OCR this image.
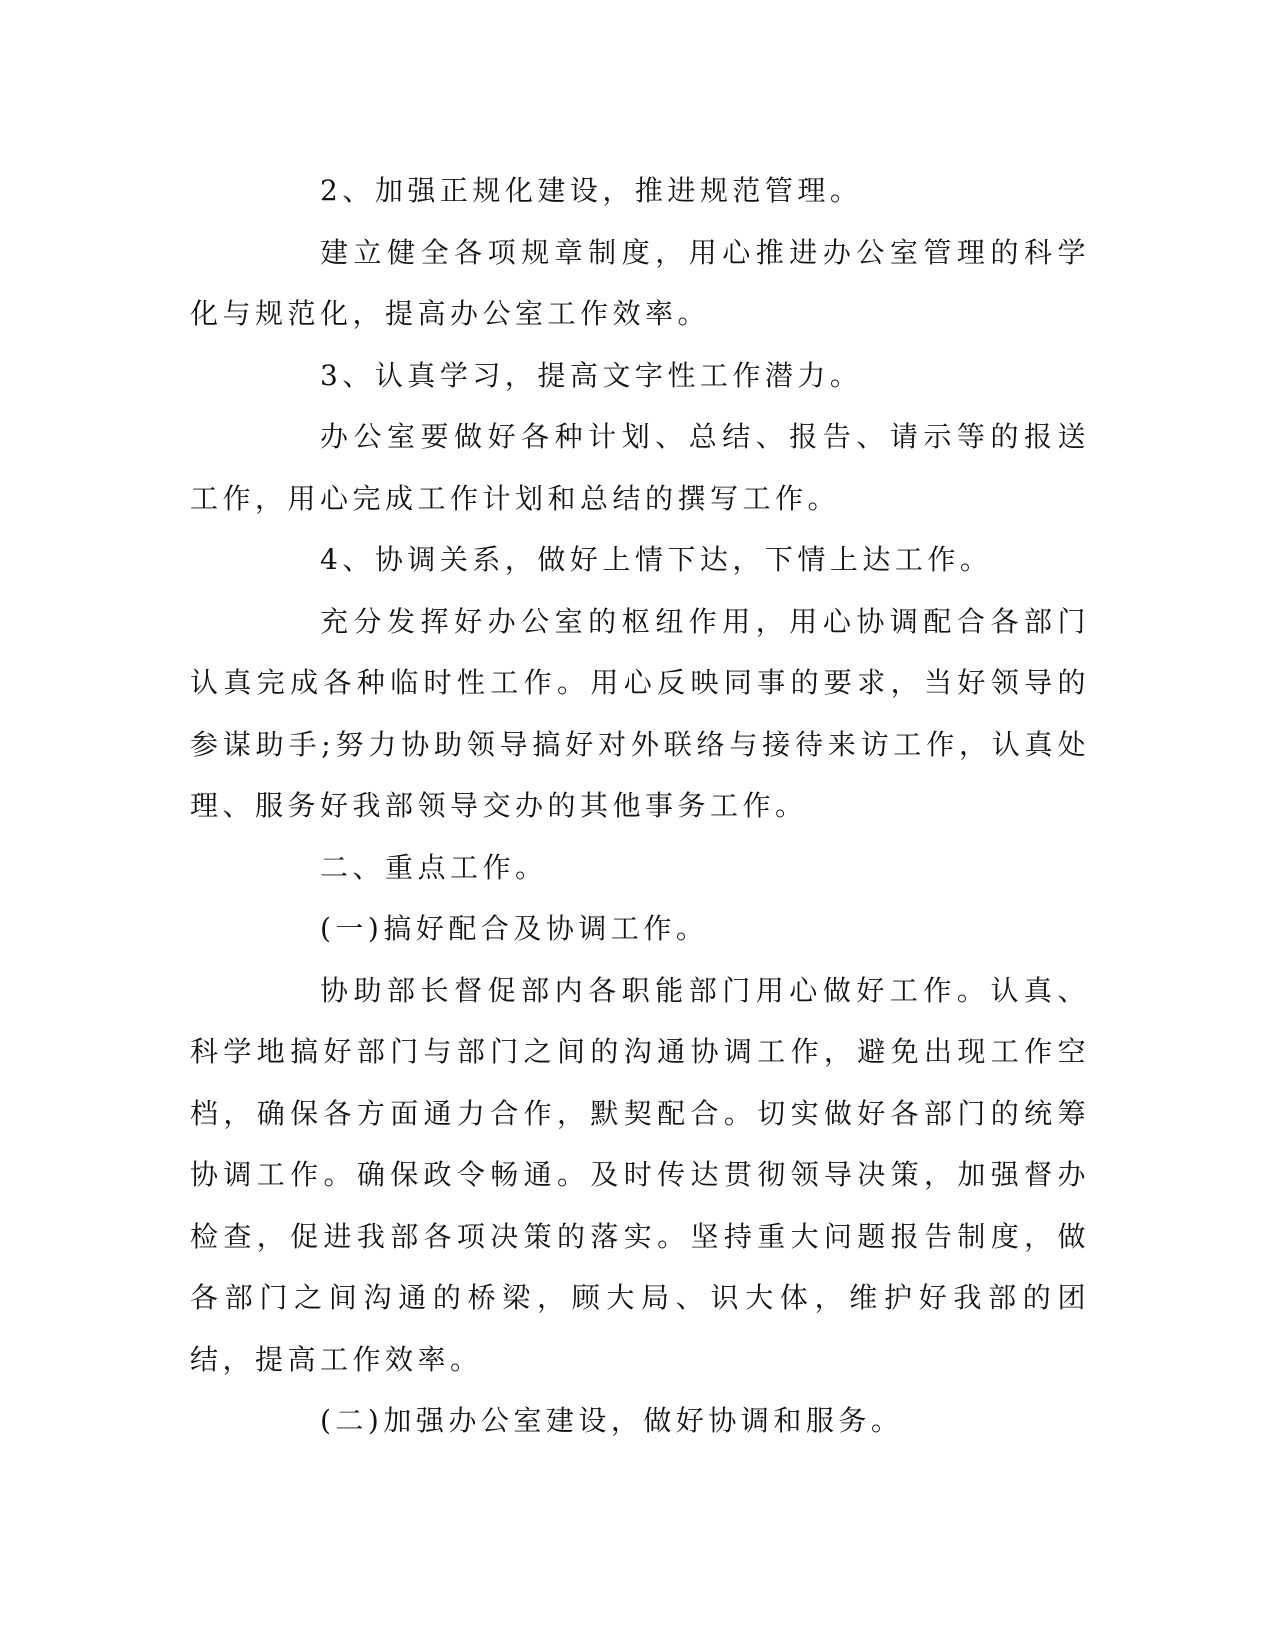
2、加强正规化建设，推进规范管理。

建立健全各项规章制度，用心推进办公室管理的科学化与规范化，提高办公室工作效率。

3、认真学习，提高文字性工作潜力。

办公室要做好各种计划、总结、报告、请示等的报送工作，用心完成工作计划和总结的撰写工作。

4、协调关系，做好上情下达，下情上达工作。

充分发挥好办公室的枢纽作用，用心协调配合各部门认真完成各种临时性工作。用心反映同事的要求，当好领导的参谋助手;努力协助领导搞好对外联络与接待来访工作，认真处理、服务好我部领导交办的其他事务工作。

二、重点工作。

(一)搞好配合及协调工作。

协助部长督促部内各职能部门用心做好工作。认真、科学地搞好部门与部门之间的沟通协调工作，避免出现工作空档，确保各方面通力合作，默契配合。切实做好各部门的统筹协调工作。确保政令畅通。及时传达贯彻领导决策，加强督办检查，促进我部各项决策的落实。坚持重大问题报告制度，做各部门之间沟通的桥梁，顾大局、识大体，维护好我部的团结，提高工作效率。

(二)加强办公室建设，做好协调和服务。
